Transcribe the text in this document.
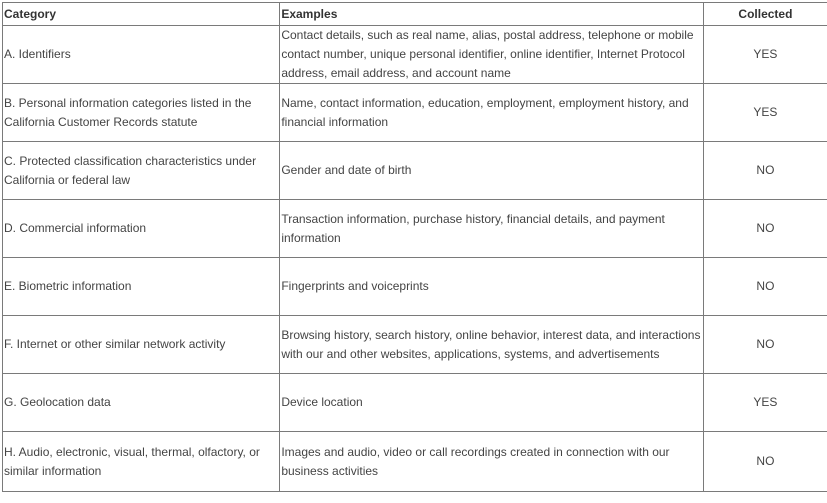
Category	Examples	Collected
A. Identifiers	Contact details, such as real name, alias, postal address, telephone or mobile contact number, unique personal identifier, online identifier, Internet Protocol address, email address, and account name	YES
B. Personal information categories listed in the California Customer Records statute	Name, contact information, education, employment, employment history, and financial information	YES
C. Protected classification characteristics under California or federal law	Gender and date of birth	NO
D. Commercial information	Transaction information, purchase history, financial details, and payment information	NO
E. Biometric information	Fingerprints and voiceprints	NO
F. Internet or other similar network activity	Browsing history, search history, online behavior, interest data, and interactions with our and other websites, applications, systems, and advertisements	NO
G. Geolocation data	Device location	YES
H. Audio, electronic, visual, thermal, olfactory, or similar information	Images and audio, video or call recordings created in connection with our business activities	NO
